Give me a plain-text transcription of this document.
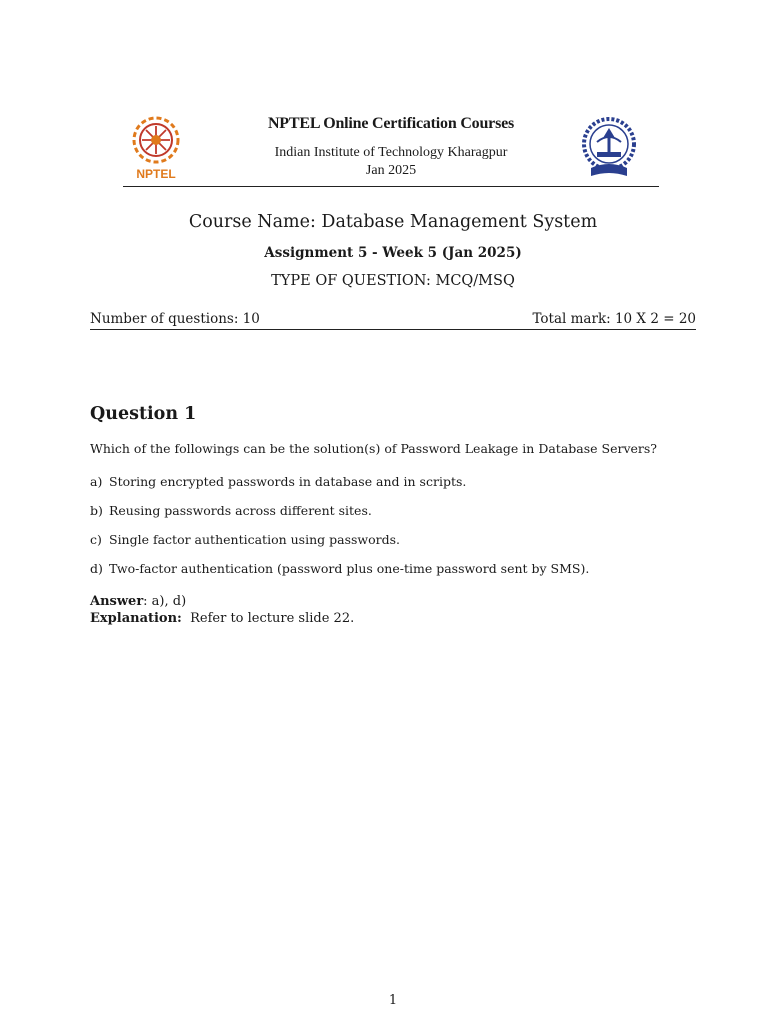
NPTEL
NPTEL Online Certification Courses
Indian Institute of Technology Kharagpur
Jan 2025
Course Name: Database Management System
Assignment 5 - Week 5 (Jan 2025)
TYPE OF QUESTION: MCQ/MSQ
Number of questions: 10	Total mark: 10 X 2 = 20
Question 1
Which of the followings can be the solution(s) of Password Leakage in Database Servers?
a) Storing encrypted passwords in database and in scripts.
b) Reusing passwords across different sites.
c) Single factor authentication using passwords.
d) Two-factor authentication (password plus one-time password sent by SMS).
Answer: a), d)
Explanation: Refer to lecture slide 22.
1
